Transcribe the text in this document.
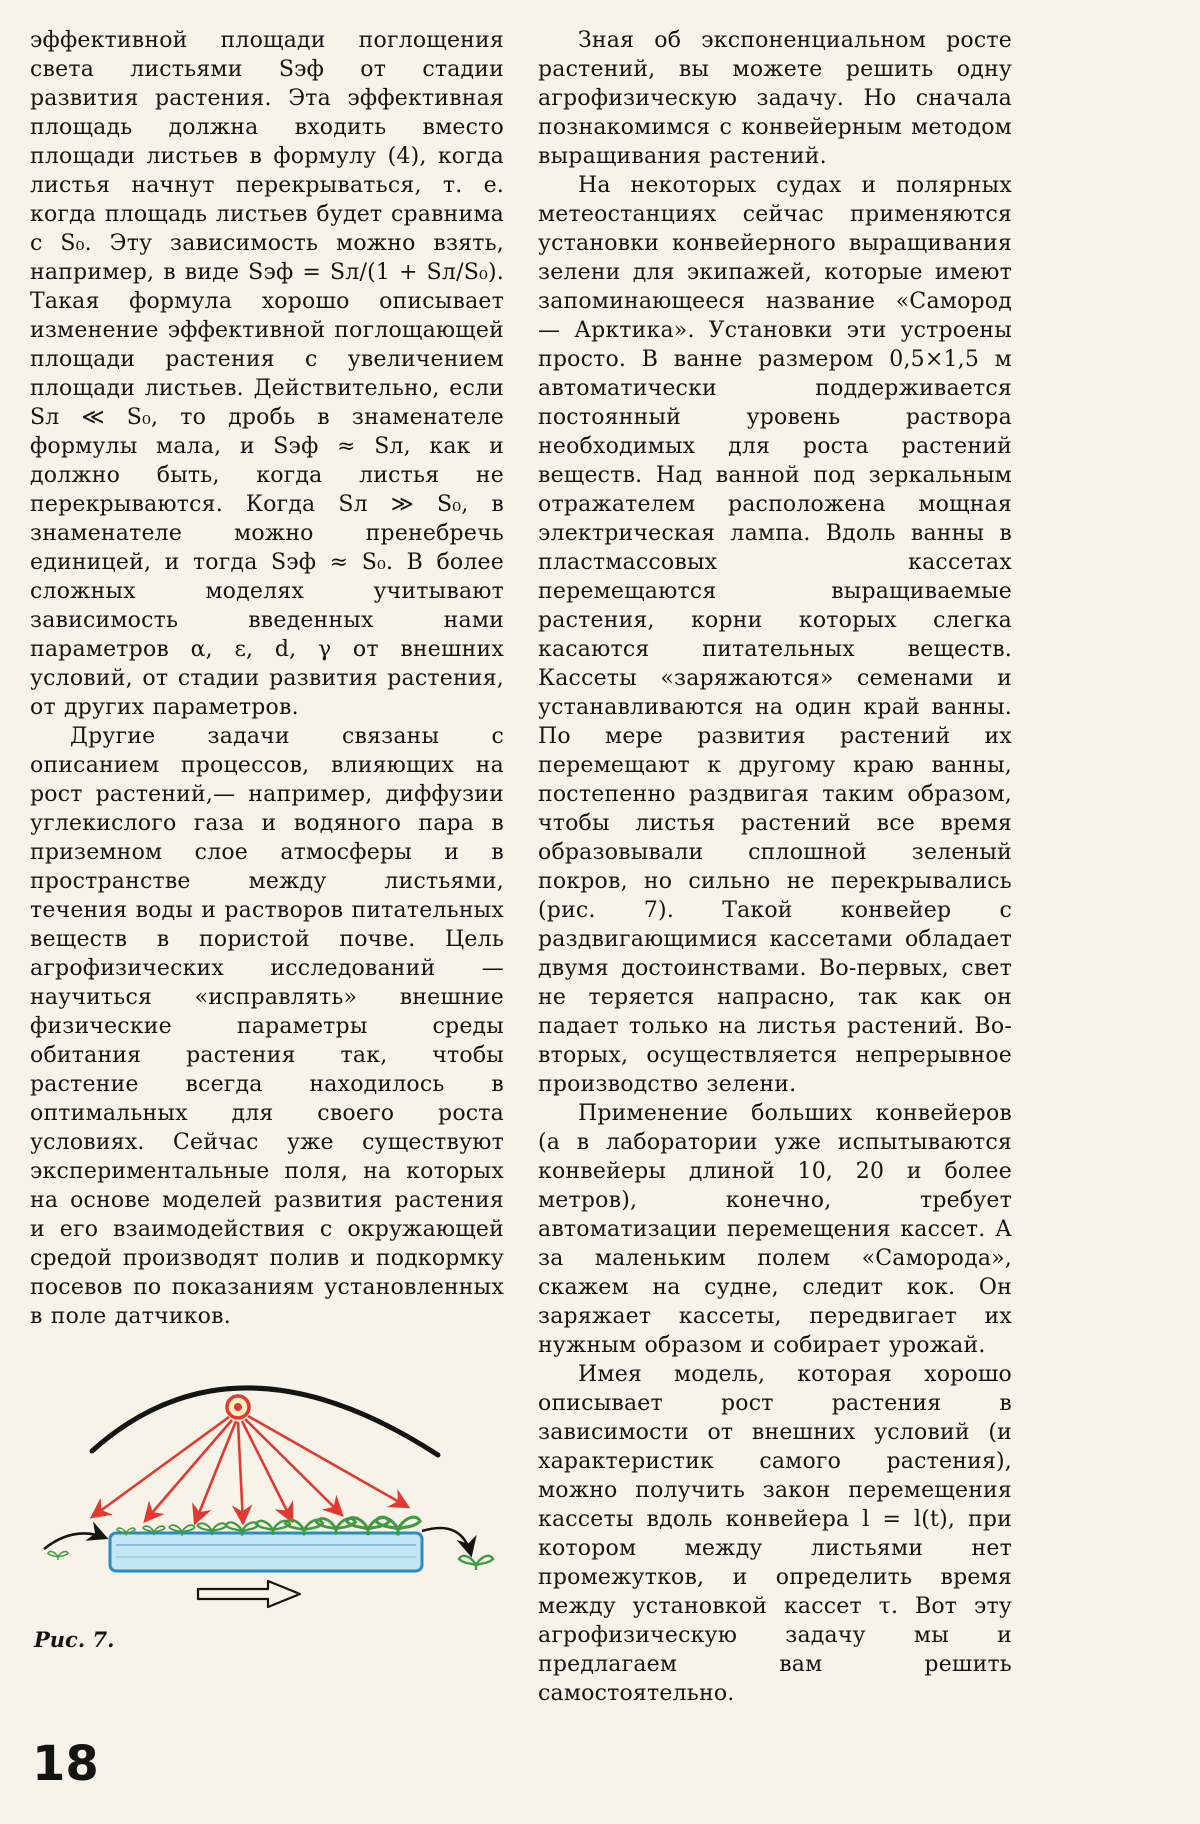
эффективной площади поглощения света листьями Sэф от стадии развития растения. Эта эффективная площадь должна входить вместо площади листьев в формулу (4), когда листья начнут перекрываться, т. е. когда площадь листьев будет сравнима с S₀. Эту зависимость можно взять, например, в виде Sэф = Sл/(1 + Sл/S₀). Такая формула хорошо описывает изменение эффективной поглощающей площади растения с увеличением площади листьев. Действительно, если Sл ≪ S₀, то дробь в знаменателе формулы мала, и Sэф ≈ Sл, как и должно быть, когда листья не перекрываются. Когда Sл ≫ S₀, в знаменателе можно пренебречь единицей, и тогда Sэф ≈ S₀. В более сложных моделях учитывают зависимость введенных нами параметров α, ε, d, γ от внешних условий, от стадии развития растения, от других параметров.

Другие задачи связаны с описанием процессов, влияющих на рост растений,— например, диффузии углекислого газа и водяного пара в приземном слое атмосферы и в пространстве между листьями, течения воды и растворов питательных веществ в пористой почве. Цель агрофизических исследований — научиться «исправлять» внешние физические параметры среды обитания растения так, чтобы растение всегда находилось в оптимальных для своего роста условиях. Сейчас уже существуют экспериментальные поля, на которых на основе моделей развития растения и его взаимодействия с окружающей средой производят полив и подкормку посевов по показаниям установленных в поле датчиков.

Рис. 7.

Зная об экспоненциальном росте растений, вы можете решить одну агрофизическую задачу. Но сначала познакомимся с конвейерным методом выращивания растений.

На некоторых судах и полярных метеостанциях сейчас применяются установки конвейерного выращивания зелени для экипажей, которые имеют запоминающееся название «Самород — Арктика». Установки эти устроены просто. В ванне размером 0,5×1,5 м автоматически поддерживается постоянный уровень раствора необходимых для роста растений веществ. Над ванной под зеркальным отражателем расположена мощная электрическая лампа. Вдоль ванны в пластмассовых кассетах перемещаются выращиваемые растения, корни которых слегка касаются питательных веществ. Кассеты «заряжаются» семенами и устанавливаются на один край ванны. По мере развития растений их перемещают к другому краю ванны, постепенно раздвигая таким образом, чтобы листья растений все время образовывали сплошной зеленый покров, но сильно не перекрывались (рис. 7). Такой конвейер с раздвигающимися кассетами обладает двумя достоинствами. Во-первых, свет не теряется напрасно, так как он падает только на листья растений. Во-вторых, осуществляется непрерывное производство зелени.

Применение больших конвейеров (а в лаборатории уже испытываются конвейеры длиной 10, 20 и более метров), конечно, требует автоматизации перемещения кассет. А за маленьким полем «Саморода», скажем на судне, следит кок. Он заряжает кассеты, передвигает их нужным образом и собирает урожай.

Имея модель, которая хорошо описывает рост растения в зависимости от внешних условий (и характеристик самого растения), можно получить закон перемещения кассеты вдоль конвейера l = l(t), при котором между листьями нет промежутков, и определить время между установкой кассет τ. Вот эту агрофизическую задачу мы и предлагаем вам решить самостоятельно.

18
